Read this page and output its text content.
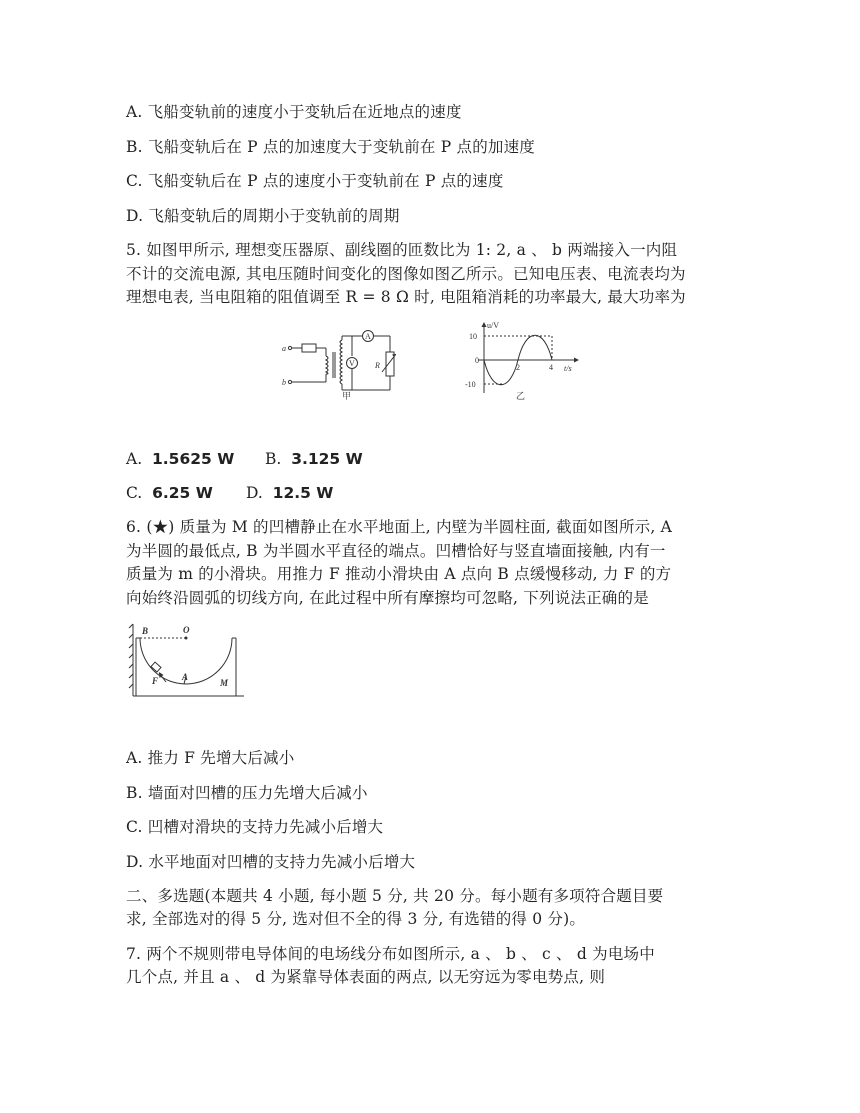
A. 飞船变轨前的速度小于变轨后在近地点的速度
B. 飞船变轨后在 P 点的加速度大于变轨前在 P 点的加速度
C. 飞船变轨后在 P 点的速度小于变轨前在 P 点的速度
D. 飞船变轨后的周期小于变轨前的周期
5. 如图甲所示, 理想变压器原、副线圈的匝数比为 1: 2, a 、 b 两端接入一内阻
不计的交流电源, 其电压随时间变化的图像如图乙所示。已知电压表、电流表均为
理想电表, 当电阻箱的阻值调至 R = 8 Ω 时, 电阻箱消耗的功率最大, 最大功率为
a
b
A
V	R
甲
u/V
t/s
10
0
-10
2	4
乙
A. 1.5625 W B. 3.125 W
C. 6.25 W D. 12.5 W
6. (★) 质量为 M 的凹槽静止在水平地面上, 内壁为半圆柱面, 截面如图所示, A
为半圆的最低点, B 为半圆水平直径的端点。凹槽恰好与竖直墙面接触, 内有一
质量为 m 的小滑块。用推力 F 推动小滑块由 A 点向 B 点缓慢移动, 力 F 的方
向始终沿圆弧的切线方向, 在此过程中所有摩擦均可忽略, 下列说法正确的是
B	O
F	A
M
A. 推力 F 先增大后减小
B. 墙面对凹槽的压力先增大后减小
C. 凹槽对滑块的支持力先减小后增大
D. 水平地面对凹槽的支持力先减小后增大
二、多选题(本题共 4 小题, 每小题 5 分, 共 20 分。每小题有多项符合题目要
求, 全部选对的得 5 分, 选对但不全的得 3 分, 有选错的得 0 分)。
7. 两个不规则带电导体间的电场线分布如图所示, a 、 b 、 c 、 d 为电场中
几个点, 并且 a 、 d 为紧靠导体表面的两点, 以无穷远为零电势点, 则
